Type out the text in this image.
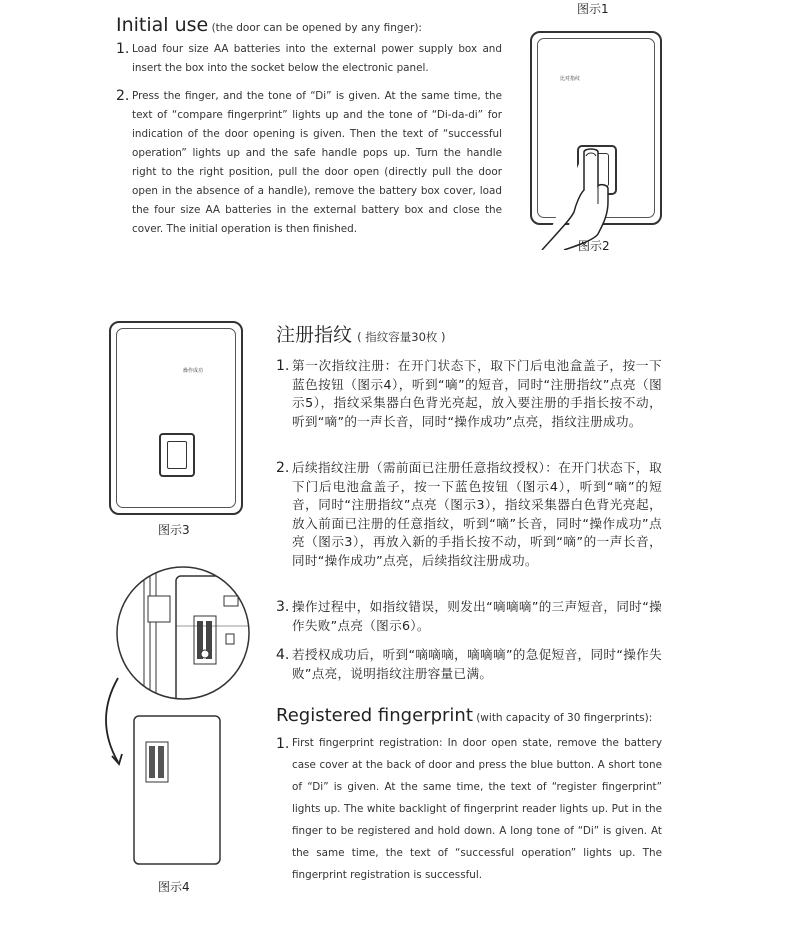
Initial use (the door can be opened by any finger):
1. Load four size AA batteries into the external power supply box and insert the box into the socket below the electronic panel.
2. Press the finger, and the tone of “Di” is given. At the same time, the text of “compare fingerprint” lights up and the tone of “Di-da-di” for indication of the door opening is given. Then the text of “successful operation” lights up and the safe handle pops up. Turn the handle right to the right position, pull the door open (directly pull the door open in the absence of a handle), remove the battery box cover, load the four size AA batteries in the external battery box and close the cover. The initial operation is then finished.
图示1
比对指纹
图示2
操作成功
图示3
图示4
注册指纹 ( 指纹容量30枚 )
1. 第一次指纹注册：在开门状态下，取下门后电池盒盖子，按一下蓝色按钮（图示4），听到“嘀”的短音，同时“注册指纹”点亮（图示5），指纹采集器白色背光亮起，放入要注册的手指长按不动，听到“嘀”的一声长音，同时“操作成功”点亮，指纹注册成功。
2. 后续指纹注册（需前面已注册任意指纹授权）：在开门状态下，取下门后电池盒盖子，按一下蓝色按钮（图示4），听到“嘀”的短音，同时“注册指纹”点亮（图示3），指纹采集器白色背光亮起，放入前面已注册的任意指纹，听到“嘀”长音，同时“操作成功”点亮（图示3），再放入新的手指长按不动，听到“嘀”的一声长音，同时“操作成功”点亮，后续指纹注册成功。
3. 操作过程中，如指纹错误，则发出“嘀嘀嘀”的三声短音，同时“操作失败”点亮（图示6）。
4. 若授权成功后，听到“嘀嘀嘀，嘀嘀嘀”的急促短音，同时“操作失败”点亮，说明指纹注册容量已满。
Registered fingerprint (with capacity of 30 fingerprints):
1. First fingerprint registration: In door open state, remove the battery case cover at the back of door and press the blue button. A short tone of “Di” is given. At the same time, the text of “register fingerprint” lights up. The white backlight of fingerprint reader lights up. Put in the finger to be registered and hold down. A long tone of “Di” is given. At the same time, the text of “successful operation” lights up. The fingerprint registration is successful.
